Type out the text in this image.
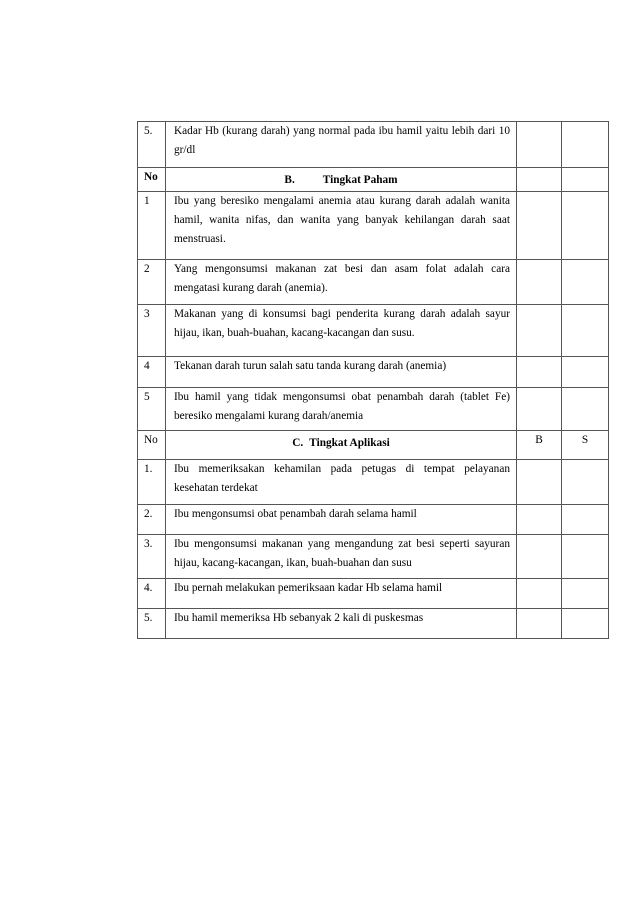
5.	Kadar Hb (kurang darah) yang normal pada ibu hamil yaitu lebih dari 10 gr/dl		
No	B. Tingkat Paham		
1	Ibu yang beresiko mengalami anemia atau kurang darah adalah wanita hamil, wanita nifas, dan wanita yang banyak kehilangan darah saat menstruasi.		
2	Yang mengonsumsi makanan zat besi dan asam folat adalah cara mengatasi kurang darah (anemia).		
3	Makanan yang di konsumsi bagi penderita kurang darah adalah sayur hijau, ikan, buah-buahan, kacang-kacangan dan susu.		
4	Tekanan darah turun salah satu tanda kurang darah (anemia)		
5	Ibu hamil yang tidak mengonsumsi obat penambah darah (tablet Fe) beresiko mengalami kurang darah/anemia		
No	C. Tingkat Aplikasi	B	S
1.	Ibu memeriksakan kehamilan pada petugas di tempat pelayanan kesehatan terdekat		
2.	Ibu mengonsumsi obat penambah darah selama hamil		
3.	Ibu mengonsumsi makanan yang mengandung zat besi seperti sayuran hijau, kacang-kacangan, ikan, buah-buahan dan susu		
4.	Ibu pernah melakukan pemeriksaan kadar Hb selama hamil		
5.	Ibu hamil memeriksa Hb sebanyak 2 kali di puskesmas		
